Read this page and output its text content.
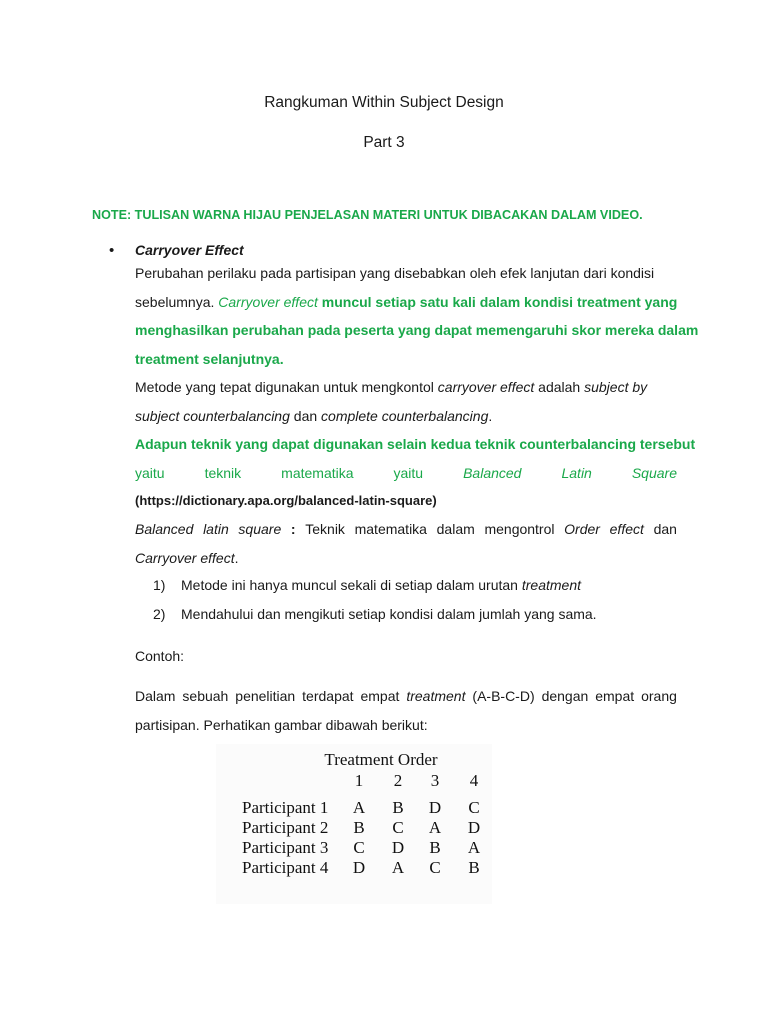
Rangkuman Within Subject Design
Part 3
NOTE: TULISAN WARNA HIJAU PENJELASAN MATERI UNTUK DIBACAKAN DALAM VIDEO.
• Carryover Effect
Perubahan perilaku pada partisipan yang disebabkan oleh efek lanjutan dari kondisi
sebelumnya. Carryover effect muncul setiap satu kali dalam kondisi treatment yang
menghasilkan perubahan pada peserta yang dapat memengaruhi skor mereka dalam
treatment selanjutnya.
Metode yang tepat digunakan untuk mengkontol carryover effect adalah subject by
subject counterbalancing dan complete counterbalancing.
Adapun teknik yang dapat digunakan selain kedua teknik counterbalancing tersebut
yaitu	teknik	matematika	yaitu	Balanced	Latin	Square
(https://dictionary.apa.org/balanced-latin-square)
Balanced latin square : Teknik matematika dalam mengontrol Order effect dan
Carryover effect.
1) Metode ini hanya muncul sekali di setiap dalam urutan treatment
2) Mendahului dan mengikuti setiap kondisi dalam jumlah yang sama.
Contoh:
Dalam sebuah penelitian terdapat empat treatment (A-B-C-D) dengan empat orang
partisipan. Perhatikan gambar dibawah berikut:
Treatment Order
1	2	3	4
Participant 1	A	B	D	C
Participant 2	B	C	A	D
Participant 3	C	D	B	A
Participant 4	D	A	C	B
